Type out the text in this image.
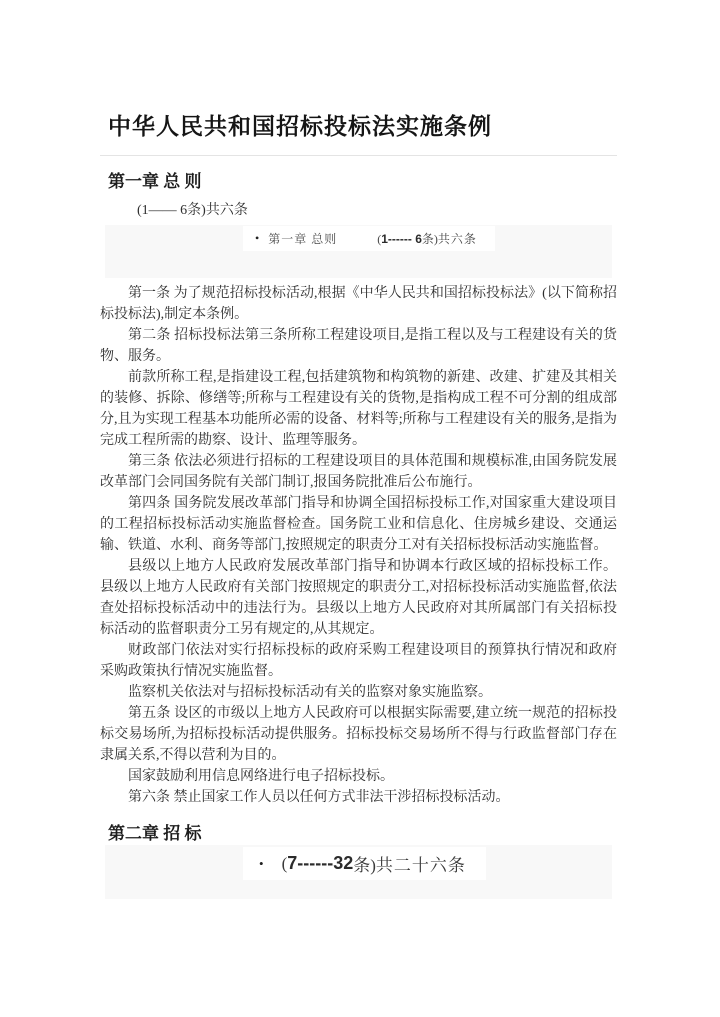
中华人民共和国招标投标法实施条例
第一章 总 则
(1—— 6条)共六条
• 第一章 总则	(1------ 6条)共六条

第一条 为了规范招标投标活动,根据《中华人民共和国招标投标法》(以下简称招标投标法),制定本条例。

第二条 招标投标法第三条所称工程建设项目,是指工程以及与工程建设有关的货物、服务。

前款所称工程,是指建设工程,包括建筑物和构筑物的新建、改建、扩建及其相关的装修、拆除、修缮等;所称与工程建设有关的货物,是指构成工程不可分割的组成部分,且为实现工程基本功能所必需的设备、材料等;所称与工程建设有关的服务,是指为完成工程所需的勘察、设计、监理等服务。

第三条 依法必须进行招标的工程建设项目的具体范围和规模标准,由国务院发展改革部门会同国务院有关部门制订,报国务院批准后公布施行。

第四条 国务院发展改革部门指导和协调全国招标投标工作,对国家重大建设项目的工程招标投标活动实施监督检查。国务院工业和信息化、住房城乡建设、交通运输、铁道、水利、商务等部门,按照规定的职责分工对有关招标投标活动实施监督。

县级以上地方人民政府发展改革部门指导和协调本行政区域的招标投标工作。县级以上地方人民政府有关部门按照规定的职责分工,对招标投标活动实施监督,依法查处招标投标活动中的违法行为。县级以上地方人民政府对其所属部门有关招标投标活动的监督职责分工另有规定的,从其规定。

财政部门依法对实行招标投标的政府采购工程建设项目的预算执行情况和政府采购政策执行情况实施监督。

监察机关依法对与招标投标活动有关的监察对象实施监察。

第五条 设区的市级以上地方人民政府可以根据实际需要,建立统一规范的招标投标交易场所,为招标投标活动提供服务。招标投标交易场所不得与行政监督部门存在隶属关系,不得以营利为目的。

国家鼓励利用信息网络进行电子招标投标。

第六条 禁止国家工作人员以任何方式非法干涉招标投标活动。

第二章 招 标
• ( 7------32 条) 共二十六条
